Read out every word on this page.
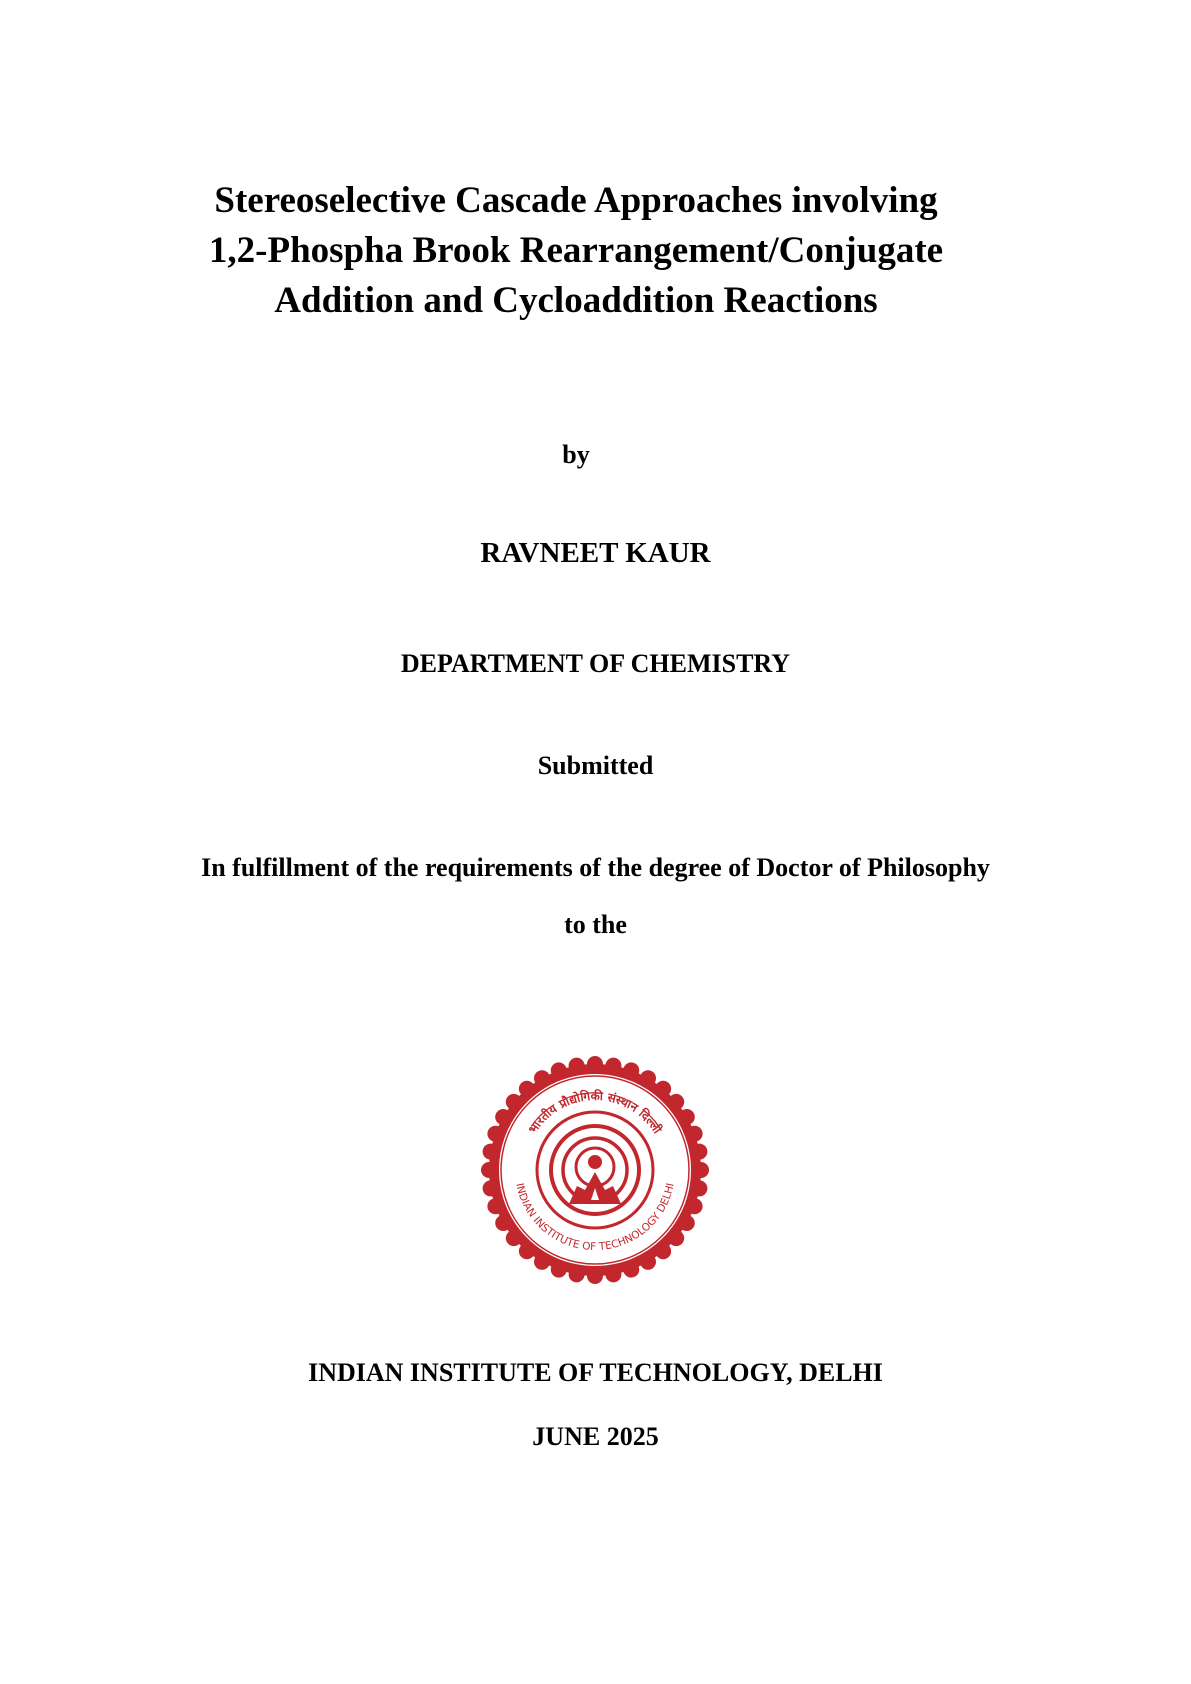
Stereoselective Cascade Approaches involving
1,2-Phospha Brook Rearrangement/Conjugate
Addition and Cycloaddition Reactions

by

RAVNEET KAUR

DEPARTMENT OF CHEMISTRY

Submitted

In fulfillment of the requirements of the degree of Doctor of Philosophy

to the

भारतीय प्रौद्योगिकी संस्थान दिल्ली
INDIAN INSTITUTE OF TECHNOLOGY DELHI

INDIAN INSTITUTE OF TECHNOLOGY, DELHI

JUNE 2025
